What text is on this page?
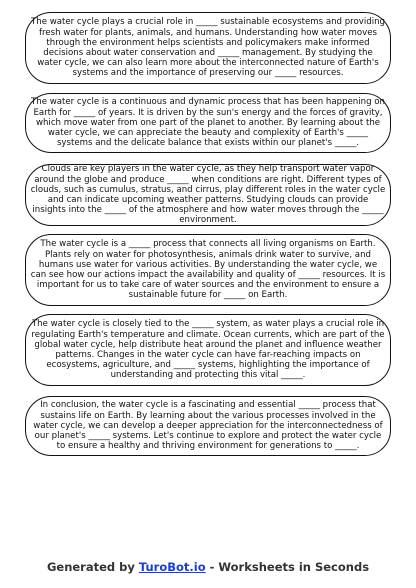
The water cycle plays a crucial role in _____ sustainable ecosystems and providing fresh water for plants, animals, and humans. Understanding how water moves through the environment helps scientists and policymakers make informed decisions about water conservation and _____ management. By studying the water cycle, we can also learn more about the interconnected nature of Earth's systems and the importance of preserving our _____ resources.

The water cycle is a continuous and dynamic process that has been happening on Earth for _____ of years. It is driven by the sun's energy and the forces of gravity, which move water from one part of the planet to another. By learning about the water cycle, we can appreciate the beauty and complexity of Earth's _____ systems and the delicate balance that exists within our planet's _____.

Clouds are key players in the water cycle, as they help transport water vapor around the globe and produce _____ when conditions are right. Different types of clouds, such as cumulus, stratus, and cirrus, play different roles in the water cycle and can indicate upcoming weather patterns. Studying clouds can provide insights into the _____ of the atmosphere and how water moves through the _____ environment.

The water cycle is a _____ process that connects all living organisms on Earth. Plants rely on water for photosynthesis, animals drink water to survive, and humans use water for various activities. By understanding the water cycle, we can see how our actions impact the availability and quality of _____ resources. It is important for us to take care of water sources and the environment to ensure a sustainable future for _____ on Earth.

The water cycle is closely tied to the _____ system, as water plays a crucial role in regulating Earth's temperature and climate. Ocean currents, which are part of the global water cycle, help distribute heat around the planet and influence weather patterns. Changes in the water cycle can have far-reaching impacts on ecosystems, agriculture, and _____ systems, highlighting the importance of understanding and protecting this vital _____.

In conclusion, the water cycle is a fascinating and essential _____ process that sustains life on Earth. By learning about the various processes involved in the water cycle, we can develop a deeper appreciation for the interconnectedness of our planet's _____ systems. Let's continue to explore and protect the water cycle to ensure a healthy and thriving environment for generations to _____.

Generated by TuroBot.io - Worksheets in Seconds
